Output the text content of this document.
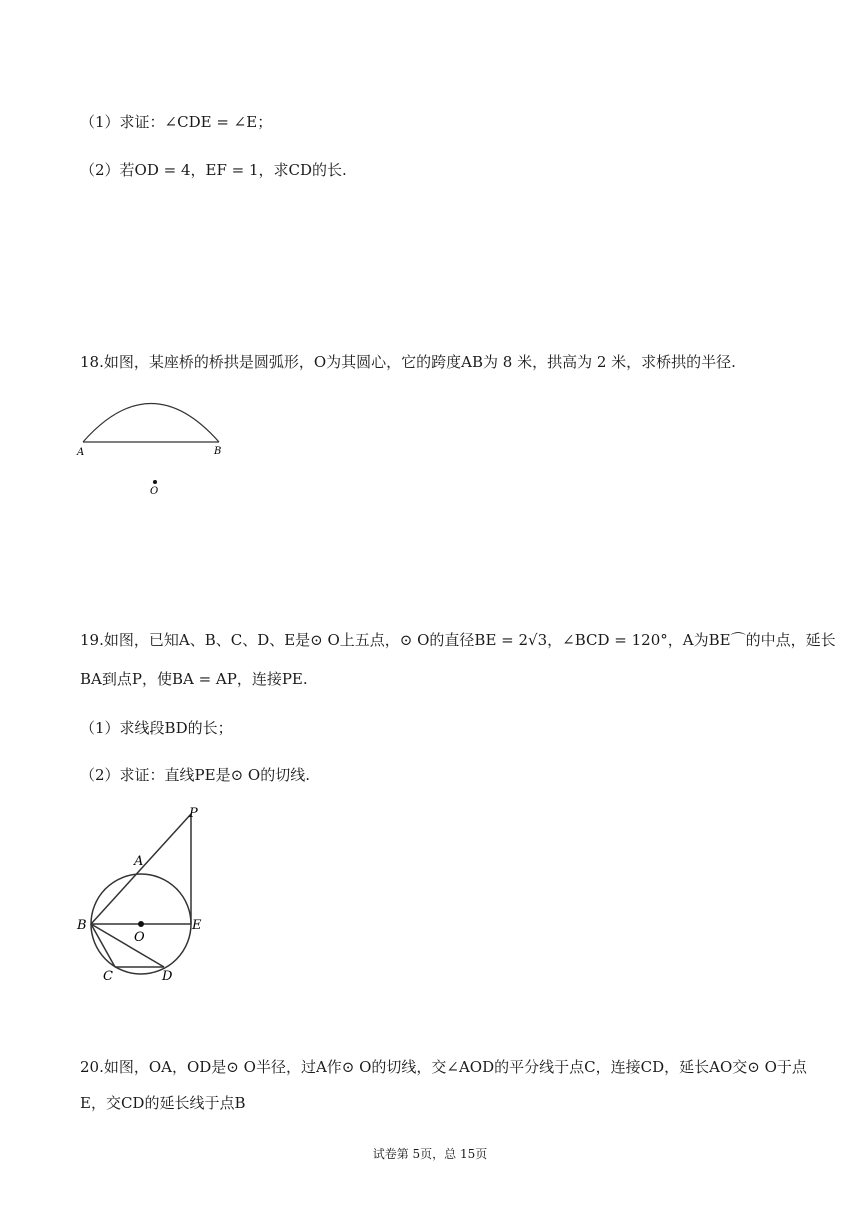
（1）求证：∠CDE = ∠E；
（2）若OD = 4，EF = 1，求CD的长.
18.如图，某座桥的桥拱是圆弧形，O为其圆心，它的跨度AB为 8 米，拱高为 2 米，求桥拱的半径.
A	B
O
19.如图，已知A、B、C、D、E是⊙ O上五点，⊙ O的直径BE = 2√3，∠BCD = 120°，A为BE⌒的中点，延长
BA到点P，使BA = AP，连接PE.
（1）求线段BD的长；
（2）求证：直线PE是⊙ O的切线.
P
A
B
O
E
C	D
20.如图，OA，OD是⊙ O半径，过A作⊙ O的切线，交∠AOD的平分线于点C，连接CD，延长AO交⊙ O于点
E，交CD的延长线于点B
试卷第 5页，总 15页
